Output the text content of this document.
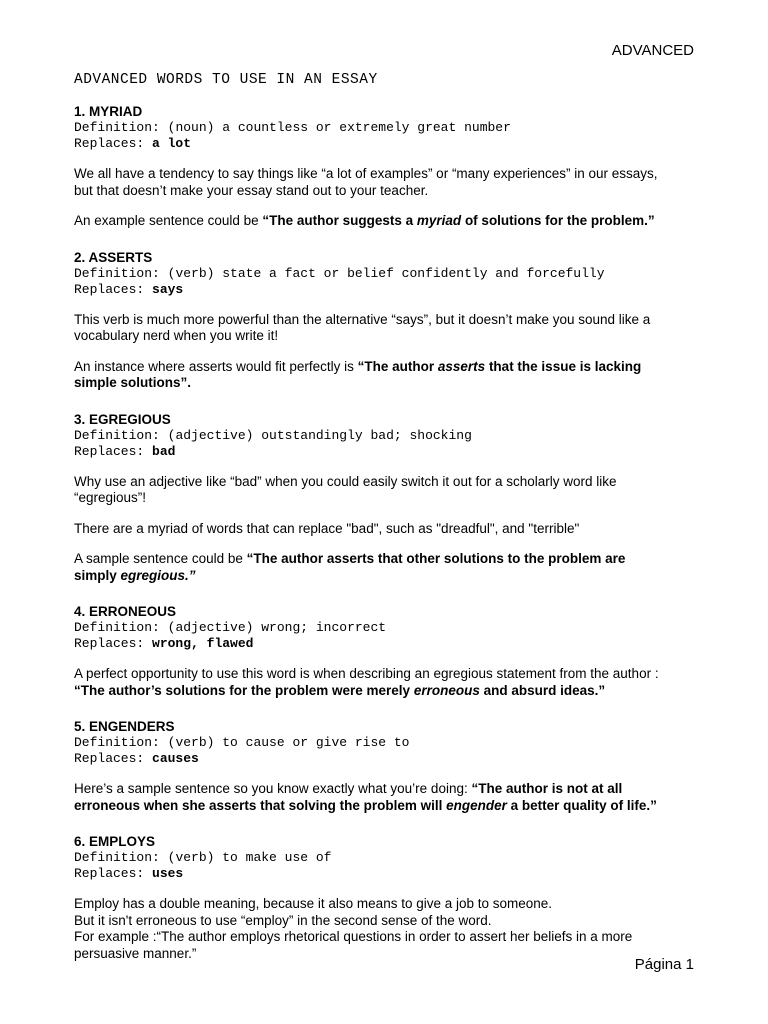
ADVANCED
ADVANCED WORDS TO USE IN AN ESSAY

1. MYRIAD

Definition: (noun) a countless or extremely great number

Replaces: a lot

We all have a tendency to say things like “a lot of examples” or “many experiences” in our essays,

but that doesn’t make your essay stand out to your teacher.

An example sentence could be “The author suggests a myriad of solutions for the problem.”

2. ASSERTS

Definition: (verb) state a fact or belief confidently and forcefully

Replaces: says

This verb is much more powerful than the alternative “says”, but it doesn’t make you sound like a

vocabulary nerd when you write it!

An instance where asserts would fit perfectly is “The author asserts that the issue is lacking

simple solutions”.

3. EGREGIOUS

Definition: (adjective) outstandingly bad; shocking

Replaces: bad

Why use an adjective like “bad” when you could easily switch it out for a scholarly word like

“egregious”!

There are a myriad of words that can replace "bad", such as "dreadful", and "terrible"

A sample sentence could be “The author asserts that other solutions to the problem are

simply egregious.”

4. ERRONEOUS

Definition: (adjective) wrong; incorrect

Replaces: wrong, flawed

A perfect opportunity to use this word is when describing an egregious statement from the author :

“The author’s solutions for the problem were merely erroneous and absurd ideas.”

5. ENGENDERS

Definition: (verb) to cause or give rise to

Replaces: causes

Here’s a sample sentence so you know exactly what you’re doing: “The author is not at all

erroneous when she asserts that solving the problem will engender a better quality of life.”

6. EMPLOYS

Definition: (verb) to make use of

Replaces: uses

Employ has a double meaning, because it also means to give a job to someone.

But it isn't erroneous to use “employ” in the second sense of the word.

For example :“The author employs rhetorical questions in order to assert her beliefs in a more

persuasive manner.”

Página 1
